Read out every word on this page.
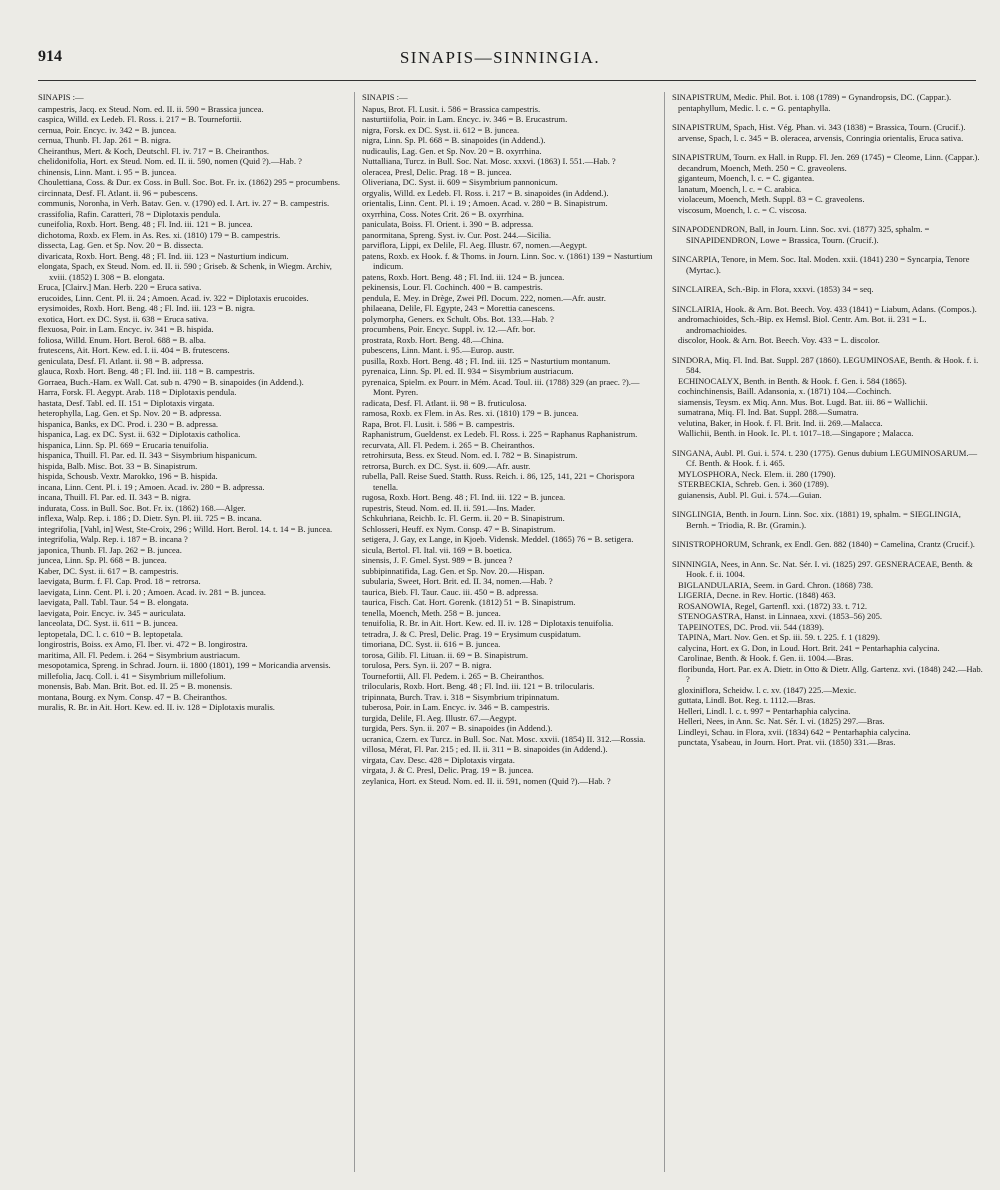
914	SINAPIS—SINNINGIA.
SINAPIS :—
campestris, Jacq. ex Steud. Nom. ed. II. ii. 590 = Brassica juncea.
caspica, Willd. ex Ledeb. Fl. Ross. i. 217 = B. Tournefortii.
cernua, Poir. Encyc. iv. 342 = B. juncea.
cernua, Thunb. Fl. Jap. 261 = B. nigra.
Cheiranthus, Mert. & Koch, Deutschl. Fl. iv. 717 = B. Cheiranthos.
chelidonifolia, Hort. ex Steud. Nom. ed. II. ii. 590, nomen (Quid ?).—Hab. ?
chinensis, Linn. Mant. i. 95 = B. juncea.
Choulettiana, Coss. & Dur. ex Coss. in Bull. Soc. Bot. Fr. ix. (1862) 295 = procumbens.
circinnata, Desf. Fl. Atlant. ii. 96 = pubescens.
communis, Noronha, in Verh. Batav. Gen. v. (1790) ed. I. Art. iv. 27 = B. campestris.
crassifolia, Rafin. Caratteri, 78 = Diplotaxis pendula.
cuneifolia, Roxb. Hort. Beng. 48 ; Fl. Ind. iii. 121 = B. juncea.
dichotoma, Roxb. ex Flem. in As. Res. xi. (1810) 179 = B. campestris.
dissecta, Lag. Gen. et Sp. Nov. 20 = B. dissecta.
divaricata, Roxb. Hort. Beng. 48 ; Fl. Ind. iii. 123 = Nasturtium indicum.
elongata, Spach, ex Steud. Nom. ed. II. ii. 590 ; Griseb. & Schenk, in Wiegm. Archiv, xviii. (1852) I. 308 = B. elongata.
Eruca, [Clairv.] Man. Herb. 220 = Eruca sativa.
erucoides, Linn. Cent. Pl. ii. 24 ; Amoen. Acad. iv. 322 = Diplotaxis erucoides.
erysimoides, Roxb. Hort. Beng. 48 ; Fl. Ind. iii. 123 = B. nigra.
exotica, Hort. ex DC. Syst. ii. 638 = Eruca sativa.
flexuosa, Poir. in Lam. Encyc. iv. 341 = B. hispida.
foliosa, Willd. Enum. Hort. Berol. 688 = B. alba.
frutescens, Ait. Hort. Kew. ed. I. ii. 404 = B. frutescens.
geniculata, Desf. Fl. Atlant. ii. 98 = B. adpressa.
glauca, Roxb. Hort. Beng. 48 ; Fl. Ind. iii. 118 = B. campestris.
Gorraea, Buch.-Ham. ex Wall. Cat. sub n. 4790 = B. sinapoides (in Addend.).
Harra, Forsk. Fl. Aegypt. Arab. 118 = Diplotaxis pendula.
hastata, Desf. Tabl. ed. II. 151 = Diplotaxis virgata.
heterophylla, Lag. Gen. et Sp. Nov. 20 = B. adpressa.
hispanica, Banks, ex DC. Prod. i. 230 = B. adpressa.
hispanica, Lag. ex DC. Syst. ii. 632 = Diplotaxis catholica.
hispanica, Linn. Sp. Pl. 669 = Erucaria tenuifolia.
hispanica, Thuill. Fl. Par. ed. II. 343 = Sisymbrium hispanicum.
hispida, Balb. Misc. Bot. 33 = B. Sinapistrum.
hispida, Schousb. Vextr. Marokko, 196 = B. hispida.
incana, Linn. Cent. Pl. i. 19 ; Amoen. Acad. iv. 280 = B. adpressa.
incana, Thuill. Fl. Par. ed. II. 343 = B. nigra.
indurata, Coss. in Bull. Soc. Bot. Fr. ix. (1862) 168.—Alger.
inflexa, Walp. Rep. i. 186 ; D. Dietr. Syn. Pl. iii. 725 = B. incana.
integrifolia, [Vahl, in] West, Ste-Croix, 296 ; Willd. Hort. Berol. 14. t. 14 = B. juncea.
integrifolia, Walp. Rep. i. 187 = B. incana ?
japonica, Thunb. Fl. Jap. 262 = B. juncea.
juncea, Linn. Sp. Pl. 668 = B. juncea.
Kaber, DC. Syst. ii. 617 = B. campestris.
laevigata, Burm. f. Fl. Cap. Prod. 18 = retrorsa.
laevigata, Linn. Cent. Pl. i. 20 ; Amoen. Acad. iv. 281 = B. juncea.
laevigata, Pall. Tabl. Taur. 54 = B. elongata.
laevigata, Poir. Encyc. iv. 345 = auriculata.
lanceolata, DC. Syst. ii. 611 = B. juncea.
leptopetala, DC. l. c. 610 = B. leptopetala.
longirostris, Boiss. ex Amo, Fl. Iber. vi. 472 = B. longirostra.
maritima, All. Fl. Pedem. i. 264 = Sisymbrium austriacum.
mesopotamica, Spreng. in Schrad. Journ. ii. 1800 (1801), 199 = Moricandia arvensis.
millefolia, Jacq. Coll. i. 41 = Sisymbrium millefolium.
monensis, Bab. Man. Brit. Bot. ed. II. 25 = B. monensis.
montana, Bourg. ex Nym. Consp. 47 = B. Cheiranthos.
muralis, R. Br. in Ait. Hort. Kew. ed. II. iv. 128 = Diplotaxis muralis.
SINAPIS :—
Napus, Brot. Fl. Lusit. i. 586 = Brassica campestris.
nasturtiifolia, Poir. in Lam. Encyc. iv. 346 = B. Erucastrum.
nigra, Forsk. ex DC. Syst. ii. 612 = B. juncea.
nigra, Linn. Sp. Pl. 668 = B. sinapoides (in Addend.).
nudicaulis, Lag. Gen. et Sp. Nov. 20 = B. oxyrrhina.
Nuttalliana, Turcz. in Bull. Soc. Nat. Mosc. xxxvi. (1863) I. 551.—Hab. ?
oleracea, Presl, Delic. Prag. 18 = B. juncea.
Oliveriana, DC. Syst. ii. 609 = Sisymbrium pannonicum.
orgyalis, Willd. ex Ledeb. Fl. Ross. i. 217 = B. sinapoides (in Addend.).
orientalis, Linn. Cent. Pl. i. 19 ; Amoen. Acad. v. 280 = B. Sinapistrum.
oxyrrhina, Coss. Notes Crit. 26 = B. oxyrrhina.
paniculata, Boiss. Fl. Orient. i. 390 = B. adpressa.
panormitana, Spreng. Syst. iv. Cur. Post. 244.—Sicilia.
parviflora, Lippi, ex Delile, Fl. Aeg. Illustr. 67, nomen.—Aegypt.
patens, Roxb. ex Hook. f. & Thoms. in Journ. Linn. Soc. v. (1861) 139 = Nasturtium indicum.
patens, Roxb. Hort. Beng. 48 ; Fl. Ind. iii. 124 = B. juncea.
pekinensis, Lour. Fl. Cochinch. 400 = B. campestris.
pendula, E. Mey. in Drège, Zwei Pfl. Docum. 222, nomen.—Afr. austr.
philaeana, Delile, Fl. Egypte, 243 = Morettia canescens.
polymorpha, Geners. ex Schult. Obs. Bot. 133.—Hab. ?
procumbens, Poir. Encyc. Suppl. iv. 12.—Afr. bor.
prostrata, Roxb. Hort. Beng. 48.—China.
pubescens, Linn. Mant. i. 95.—Europ. austr.
pusilla, Roxb. Hort. Beng. 48 ; Fl. Ind. iii. 125 = Nasturtium montanum.
pyrenaica, Linn. Sp. Pl. ed. II. 934 = Sisymbrium austriacum.
pyrenaica, Spielm. ex Pourr. in Mém. Acad. Toul. iii. (1788) 329 (an praec. ?).—Mont. Pyren.
radicata, Desf. Fl. Atlant. ii. 98 = B. fruticulosa.
ramosa, Roxb. ex Flem. in As. Res. xi. (1810) 179 = B. juncea.
Rapa, Brot. Fl. Lusit. i. 586 = B. campestris.
Raphanistrum, Gueldenst. ex Ledeb. Fl. Ross. i. 225 = Raphanus Raphanistrum.
recurvata, All. Fl. Pedem. i. 265 = B. Cheiranthos.
retrohirsuta, Bess. ex Steud. Nom. ed. I. 782 = B. Sinapistrum.
retrorsa, Burch. ex DC. Syst. ii. 609.—Afr. austr.
rubella, Pall. Reise Sued. Statth. Russ. Reich. i. 86, 125, 141, 221 = Chorispora tenella.
rugosa, Roxb. Hort. Beng. 48 ; Fl. Ind. iii. 122 = B. juncea.
rupestris, Steud. Nom. ed. II. ii. 591.—Ins. Mader.
Schkuhriana, Reichb. Ic. Fl. Germ. ii. 20 = B. Sinapistrum.
Schlosseri, Heuff. ex Nym. Consp. 47 = B. Sinapistrum.
setigera, J. Gay, ex Lange, in Kjoeb. Vidensk. Meddel. (1865) 76 = B. setigera.
sicula, Bertol. Fl. Ital. vii. 169 = B. boetica.
sinensis, J. F. Gmel. Syst. 989 = B. juncea ?
subbipinnatifida, Lag. Gen. et Sp. Nov. 20.—Hispan.
subularia, Sweet, Hort. Brit. ed. II. 34, nomen.—Hab. ?
taurica, Bieb. Fl. Taur. Cauc. iii. 450 = B. adpressa.
taurica, Fisch. Cat. Hort. Gorenk. (1812) 51 = B. Sinapistrum.
tenella, Moench, Meth. 258 = B. juncea.
tenuifolia, R. Br. in Ait. Hort. Kew. ed. II. iv. 128 = Diplotaxis tenuifolia.
tetradra, J. & C. Presl, Delic. Prag. 19 = Erysimum cuspidatum.
timoriana, DC. Syst. ii. 616 = B. juncea.
torosa, Gilib. Fl. Lituan. ii. 69 = B. Sinapistrum.
torulosa, Pers. Syn. ii. 207 = B. nigra.
Tournefortii, All. Fl. Pedem. i. 265 = B. Cheiranthos.
trilocularis, Roxb. Hort. Beng. 48 ; Fl. Ind. iii. 121 = B. trilocularis.
tripinnata, Burch. Trav. i. 318 = Sisymbrium tripinnatum.
tuberosa, Poir. in Lam. Encyc. iv. 346 = B. campestris.
turgida, Delile, Fl. Aeg. Illustr. 67.—Aegypt.
turgida, Pers. Syn. ii. 207 = B. sinapoides (in Addend.).
ucranica, Czern. ex Turcz. in Bull. Soc. Nat. Mosc. xxvii. (1854) II. 312.—Rossia.
villosa, Mérat, Fl. Par. 215 ; ed. II. ii. 311 = B. sinapoides (in Addend.).
virgata, Cav. Desc. 428 = Diplotaxis virgata.
virgata, J. & C. Presl, Delic. Prag. 19 = B. juncea.
zeylanica, Hort. ex Steud. Nom. ed. II. ii. 591, nomen (Quid ?).—Hab. ?
SINAPISTRUM, Medic. Phil. Bot. i. 108 (1789) = Gynandropsis, DC. (Cappar.).
pentaphyllum, Medic. l. c. = G. pentaphylla.
SINAPISTRUM, Spach, Hist. Vég. Phan. vi. 343 (1838) = Brassica, Tourn. (Crucif.).
arvense, Spach, l. c. 345 = B. oleracea, arvensis, Conringia orientalis, Eruca sativa.
SINAPISTRUM, Tourn. ex Hall. in Rupp. Fl. Jen. 269 (1745) = Cleome, Linn. (Cappar.).
decandrum, Moench, Meth. 250 = C. graveolens.
giganteum, Moench, l. c. = C. gigantea.
lanatum, Moench, l. c. = C. arabica.
violaceum, Moench, Meth. Suppl. 83 = C. graveolens.
viscosum, Moench, l. c. = C. viscosa.
SINAPODENDRON, Ball, in Journ. Linn. Soc. xvi. (1877) 325, sphalm. = SINAPIDENDRON, Lowe = Brassica, Tourn. (Crucif.).
SINCARPIA, Tenore, in Mem. Soc. Ital. Moden. xxii. (1841) 230 = Syncarpia, Tenore (Myrtac.).
SINCLAIREA, Sch.-Bip. in Flora, xxxvi. (1853) 34 = seq.
SINCLAIRIA, Hook. & Arn. Bot. Beech. Voy. 433 (1841) = Liabum, Adans. (Compos.).
andromachioides, Sch.-Bip. ex Hemsl. Biol. Centr. Am. Bot. ii. 231 = L. andromachioides.
discolor, Hook. & Arn. Bot. Beech. Voy. 433 = L. discolor.
SINDORA, Miq. Fl. Ind. Bat. Suppl. 287 (1860). LEGUMINOSAE, Benth. & Hook. f. i. 584.
ECHINOCALYX, Benth. in Benth. & Hook. f. Gen. i. 584 (1865).
cochinchinensis, Baill. Adansonia, x. (1871) 104.—Cochinch.
siamensis, Teysm. ex Miq. Ann. Mus. Bot. Lugd. Bat. iii. 86 = Wallichii.
sumatrana, Miq. Fl. Ind. Bat. Suppl. 288.—Sumatra.
velutina, Baker, in Hook. f. Fl. Brit. Ind. ii. 269.—Malacca.
Wallichii, Benth. in Hook. Ic. Pl. t. 1017–18.—Singapore ; Malacca.
SINGANA, Aubl. Pl. Gui. i. 574. t. 230 (1775). Genus dubium LEGUMINOSARUM.—Cf. Benth. & Hook. f. i. 465.
MYLOSPHORA, Neck. Elem. ii. 280 (1790).
STERBECKIA, Schreb. Gen. i. 360 (1789).
guianensis, Aubl. Pl. Gui. i. 574.—Guian.
SINGLINGIA, Benth. in Journ. Linn. Soc. xix. (1881) 19, sphalm. = SIEGLINGIA, Bernh. = Triodia, R. Br. (Gramin.).
SINISTROPHORUM, Schrank, ex Endl. Gen. 882 (1840) = Camelina, Crantz (Crucif.).
SINNINGIA, Nees, in Ann. Sc. Nat. Sér. I. vi. (1825) 297. GESNERACEAE, Benth. & Hook. f. ii. 1004.
BIGLANDULARIA, Seem. in Gard. Chron. (1868) 738.
LIGERIA, Decne. in Rev. Hortic. (1848) 463.
ROSANOWIA, Regel, Gartenfl. xxi. (1872) 33. t. 712.
STENOGASTRA, Hanst. in Linnaea, xxvi. (1853–56) 205.
TAPEINOTES, DC. Prod. vii. 544 (1839).
TAPINA, Mart. Nov. Gen. et Sp. iii. 59. t. 225. f. 1 (1829).
calycina, Hort. ex G. Don, in Loud. Hort. Brit. 241 = Pentarhaphia calycina.
Carolinae, Benth. & Hook. f. Gen. ii. 1004.—Bras.
floribunda, Hort. Par. ex A. Dietr. in Otto & Dietr. Allg. Gartenz. xvi. (1848) 242.—Hab. ?
gloxiniflora, Scheidw. l. c. xv. (1847) 225.—Mexic.
guttata, Lindl. Bot. Reg. t. 1112.—Bras.
Helleri, Lindl. l. c. t. 997 = Pentarhaphia calycina.
Helleri, Nees, in Ann. Sc. Nat. Sér. I. vi. (1825) 297.—Bras.
Lindleyi, Schau. in Flora, xvii. (1834) 642 = Pentarhaphia calycina.
punctata, Ysabeau, in Journ. Hort. Prat. vii. (1850) 331.—Bras.
